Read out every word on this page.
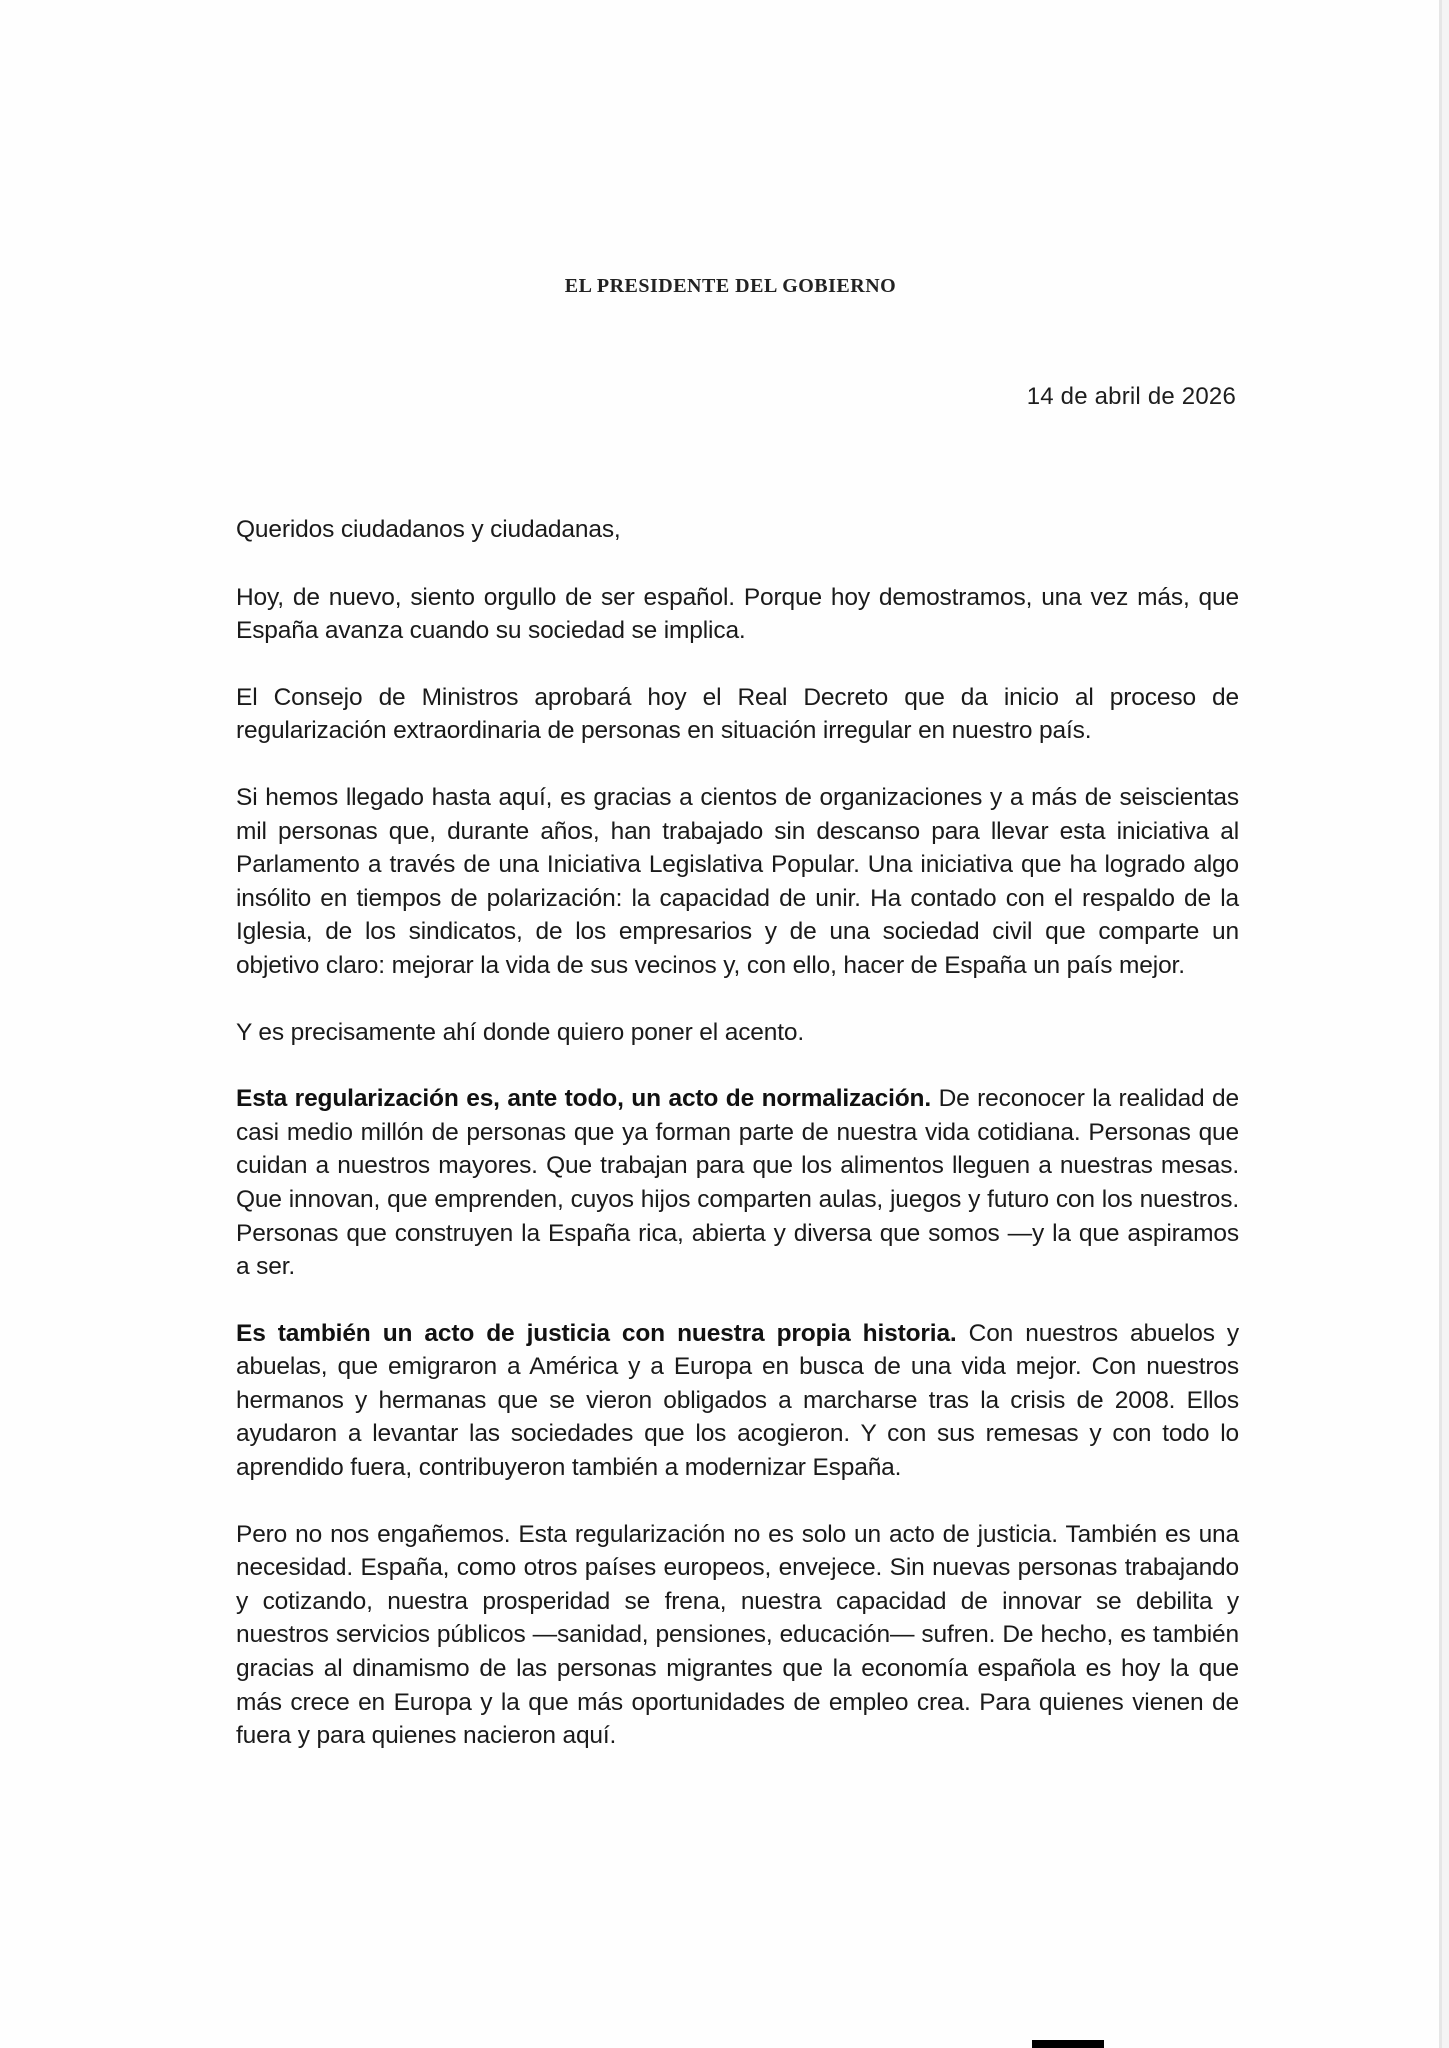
EL PRESIDENTE DEL GOBIERNO
14 de abril de 2026

Queridos ciudadanos y ciudadanas,

Hoy, de nuevo, siento orgullo de ser español. Porque hoy demostramos, una vez más, que España avanza cuando su sociedad se implica.

El Consejo de Ministros aprobará hoy el Real Decreto que da inicio al proceso de regularización extraordinaria de personas en situación irregular en nuestro país.

Si hemos llegado hasta aquí, es gracias a cientos de organizaciones y a más de seiscientas mil personas que, durante años, han trabajado sin descanso para llevar esta iniciativa al Parlamento a través de una Iniciativa Legislativa Popular. Una iniciativa que ha logrado algo insólito en tiempos de polarización: la capacidad de unir. Ha contado con el respaldo de la Iglesia, de los sindicatos, de los empresarios y de una sociedad civil que comparte un objetivo claro: mejorar la vida de sus vecinos y, con ello, hacer de España un país mejor.

Y es precisamente ahí donde quiero poner el acento.

Esta regularización es, ante todo, un acto de normalización. De reconocer la realidad de casi medio millón de personas que ya forman parte de nuestra vida cotidiana. Personas que cuidan a nuestros mayores. Que trabajan para que los alimentos lleguen a nuestras mesas. Que innovan, que emprenden, cuyos hijos comparten aulas, juegos y futuro con los nuestros. Personas que construyen la España rica, abierta y diversa que somos —y la que aspiramos a ser.

Es también un acto de justicia con nuestra propia historia. Con nuestros abuelos y abuelas, que emigraron a América y a Europa en busca de una vida mejor. Con nuestros hermanos y hermanas que se vieron obligados a marcharse tras la crisis de 2008. Ellos ayudaron a levantar las sociedades que los acogieron. Y con sus remesas y con todo lo aprendido fuera, contribuyeron también a modernizar España.

Pero no nos engañemos. Esta regularización no es solo un acto de justicia. También es una necesidad. España, como otros países europeos, envejece. Sin nuevas personas trabajando y cotizando, nuestra prosperidad se frena, nuestra capacidad de innovar se debilita y nuestros servicios públicos —sanidad, pensiones, educación— sufren. De hecho, es también gracias al dinamismo de las personas migrantes que la economía española es hoy la que más crece en Europa y la que más oportunidades de empleo crea. Para quienes vienen de fuera y para quienes nacieron aquí.
